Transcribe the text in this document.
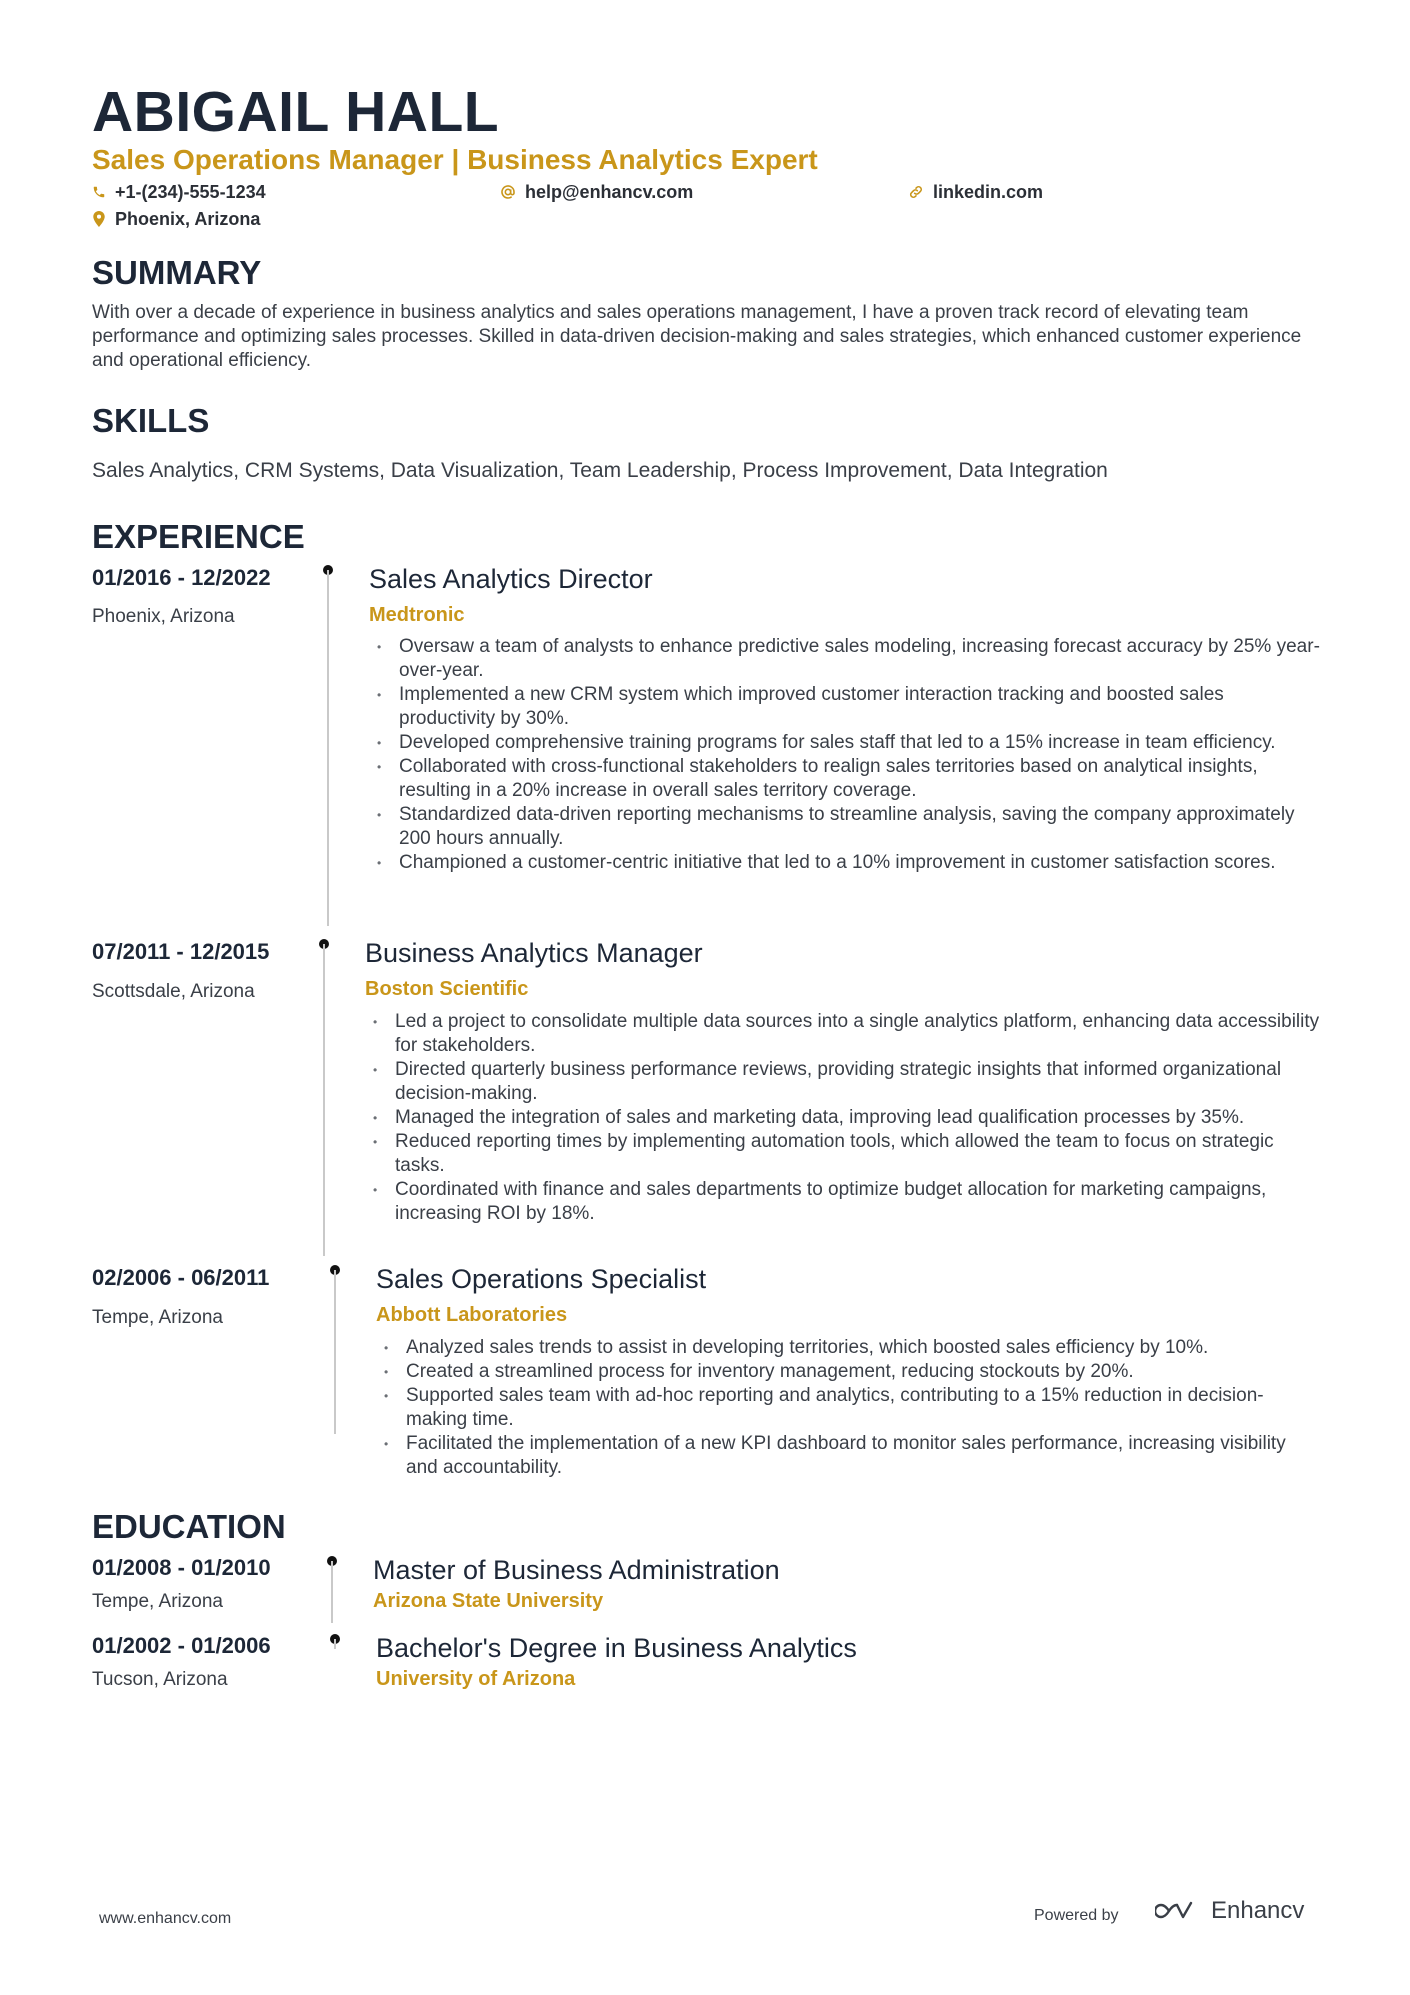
ABIGAIL HALL
Sales Operations Manager | Business Analytics Expert
+1-(234)-555-1234	help@enhancv.com	linkedin.com
Phoenix, Arizona
SUMMARY

With over a decade of experience in business analytics and sales operations management, I have a proven track record of elevating team performance and optimizing sales processes. Skilled in data-driven decision-making and sales strategies, which enhanced customer experience and operational efficiency.

SKILLS

Sales Analytics, CRM Systems, Data Visualization, Team Leadership, Process Improvement, Data Integration

EXPERIENCE
01/2016 - 12/2022
Phoenix, Arizona
Sales Analytics Director
Medtronic
• Oversaw a team of analysts to enhance predictive sales modeling, increasing forecast accuracy by 25% year-over-year.
• Implemented a new CRM system which improved customer interaction tracking and boosted sales productivity by 30%.
• Developed comprehensive training programs for sales staff that led to a 15% increase in team efficiency.
• Collaborated with cross-functional stakeholders to realign sales territories based on analytical insights, resulting in a 20% increase in overall sales territory coverage.
• Standardized data-driven reporting mechanisms to streamline analysis, saving the company approximately 200 hours annually.
• Championed a customer-centric initiative that led to a 10% improvement in customer satisfaction scores.
07/2011 - 12/2015
Scottsdale, Arizona
Business Analytics Manager
Boston Scientific
• Led a project to consolidate multiple data sources into a single analytics platform, enhancing data accessibility for stakeholders.
• Directed quarterly business performance reviews, providing strategic insights that informed organizational decision-making.
• Managed the integration of sales and marketing data, improving lead qualification processes by 35%.
• Reduced reporting times by implementing automation tools, which allowed the team to focus on strategic tasks.
• Coordinated with finance and sales departments to optimize budget allocation for marketing campaigns, increasing ROI by 18%.
02/2006 - 06/2011
Tempe, Arizona
Sales Operations Specialist
Abbott Laboratories
• Analyzed sales trends to assist in developing territories, which boosted sales efficiency by 10%.
• Created a streamlined process for inventory management, reducing stockouts by 20%.
• Supported sales team with ad-hoc reporting and analytics, contributing to a 15% reduction in decision-making time.
• Facilitated the implementation of a new KPI dashboard to monitor sales performance, increasing visibility and accountability.
EDUCATION
01/2008 - 01/2010
Tempe, Arizona
Master of Business Administration
Arizona State University
01/2002 - 01/2006
Tucson, Arizona
Bachelor's Degree in Business Analytics
University of Arizona
www.enhancv.com	Powered by	Enhancv
